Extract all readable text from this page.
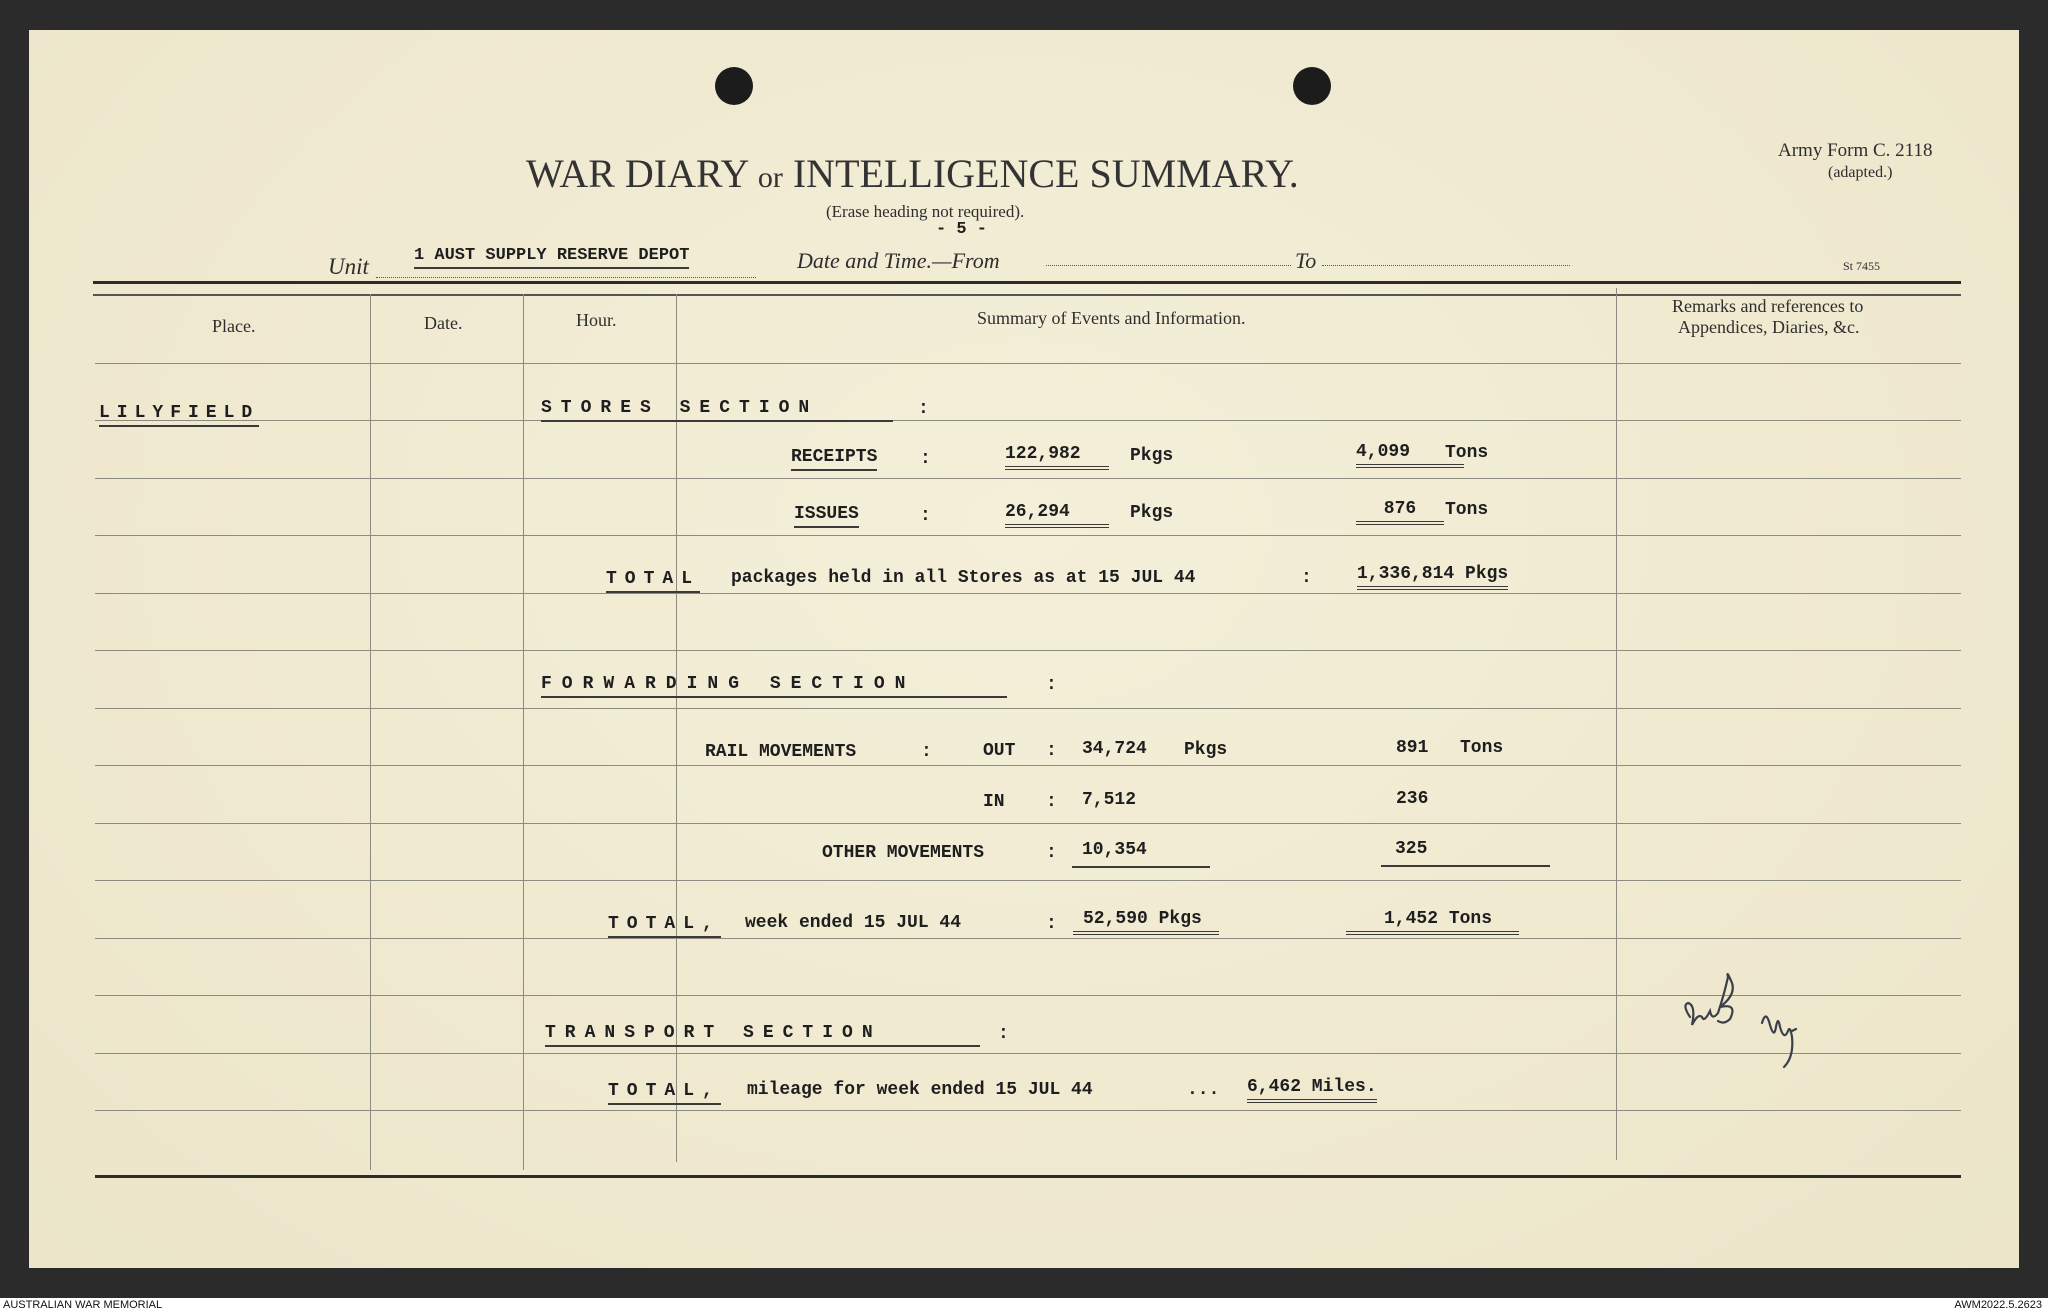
Army Form C. 2118
(adapted.)
WAR DIARY or INTELLIGENCE SUMMARY.
(Erase heading not required).
- 5 -
Unit	1 AUST SUPPLY RESERVE DEPOT	Date and Time.—From	To	St 7455
Place.	Date.	Hour.	Summary of Events and Information.
Remarks and references to
Appendices, Diaries, &c.
LILYFIELD	STORES SECTION	:
RECEIPTS :	122,982	Pkgs	4,099	Tons
ISSUES	:	26,294	Pkgs	876	Tons
TOTAL packages held in all Stores as at 15 JUL 44	:	1,336,814 Pkgs
FORWARDING SECTION	:
RAIL MOVEMENTS	:	OUT : 34,724 Pkgs	891 Tons
IN : 7,512	236
OTHER MOVEMENTS	:	10,354	325
TOTAL, week ended 15 JUL 44	:	52,590 Pkgs	1,452 Tons
TRANSPORT SECTION	:
TOTAL, mileage for week ended 15 JUL 44	... 6,462 Miles.
AUSTRALIAN WAR MEMORIAL	AWM2022.5.2623
